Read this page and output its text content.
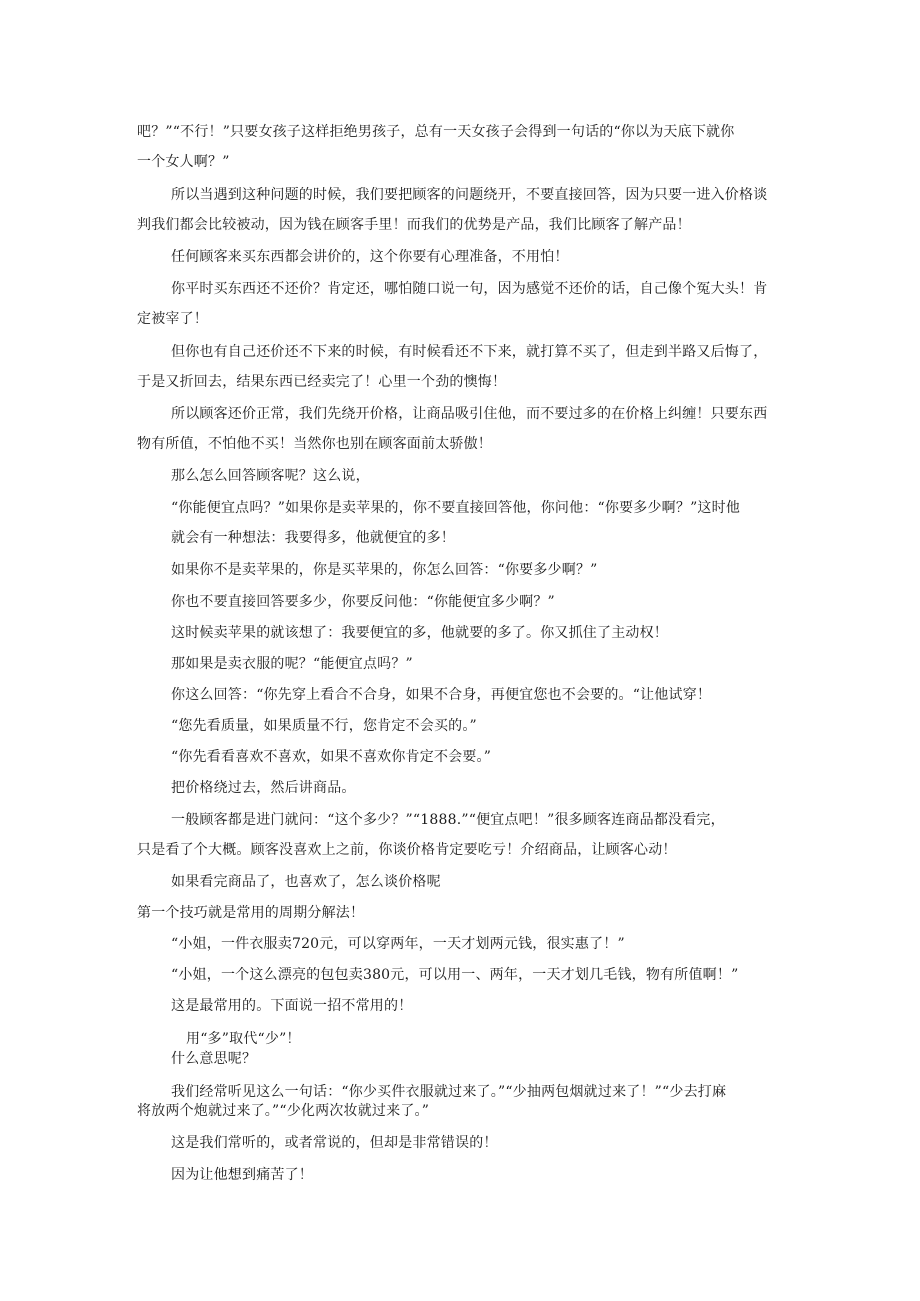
吧？”“不行！”只要女孩子这样拒绝男孩子，总有一天女孩子会得到一句话的“你以为天底下就你

一个女人啊？”

所以当遇到这种问题的时候，我们要把顾客的问题绕开，不要直接回答，因为只要一进入价格谈

判我们都会比较被动，因为钱在顾客手里！而我们的优势是产品，我们比顾客了解产品！

任何顾客来买东西都会讲价的，这个你要有心理准备，不用怕！

你平时买东西还不还价？肯定还，哪怕随口说一句，因为感觉不还价的话，自己像个冤大头！肯

定被宰了！

但你也有自己还价还不下来的时候，有时候看还不下来，就打算不买了，但走到半路又后悔了，

于是又折回去，结果东西已经卖完了！心里一个劲的懊悔！

所以顾客还价正常，我们先绕开价格，让商品吸引住他，而不要过多的在价格上纠缠！只要东西

物有所值，不怕他不买！当然你也别在顾客面前太骄傲！

那么怎么回答顾客呢？这么说，

“你能便宜点吗？”如果你是卖苹果的，你不要直接回答他，你问他：“你要多少啊？”这时他

就会有一种想法：我要得多，他就便宜的多！

如果你不是卖苹果的，你是买苹果的，你怎么回答：“你要多少啊？”

你也不要直接回答要多少，你要反问他：“你能便宜多少啊？”

这时候卖苹果的就该想了：我要便宜的多，他就要的多了。你又抓住了主动权！

那如果是卖衣服的呢？“能便宜点吗？”

你这么回答：“你先穿上看合不合身，如果不合身，再便宜您也不会要的。“让他试穿！

“您先看质量，如果质量不行，您肯定不会买的。”

“你先看看喜欢不喜欢，如果不喜欢你肯定不会要。”

把价格绕过去，然后讲商品。

一般顾客都是进门就问：“这个多少？”“1888.”“便宜点吧！”很多顾客连商品都没看完，

只是看了个大概。顾客没喜欢上之前，你谈价格肯定要吃亏！介绍商品，让顾客心动！

如果看完商品了，也喜欢了，怎么谈价格呢

第一个技巧就是常用的周期分解法！

“小姐，一件衣服卖720元，可以穿两年，一天才划两元钱，很实惠了！”

“小姐，一个这么漂亮的包包卖380元，可以用一、两年，一天才划几毛钱，物有所值啊！”

这是最常用的。下面说一招不常用的！

用“多”取代“少”！

什么意思呢？

我们经常听见这么一句话：“你少买件衣服就过来了。”“少抽两包烟就过来了！”“少去打麻

将放两个炮就过来了。”“少化两次妆就过来了。”

这是我们常听的，或者常说的，但却是非常错误的！

因为让他想到痛苦了！
